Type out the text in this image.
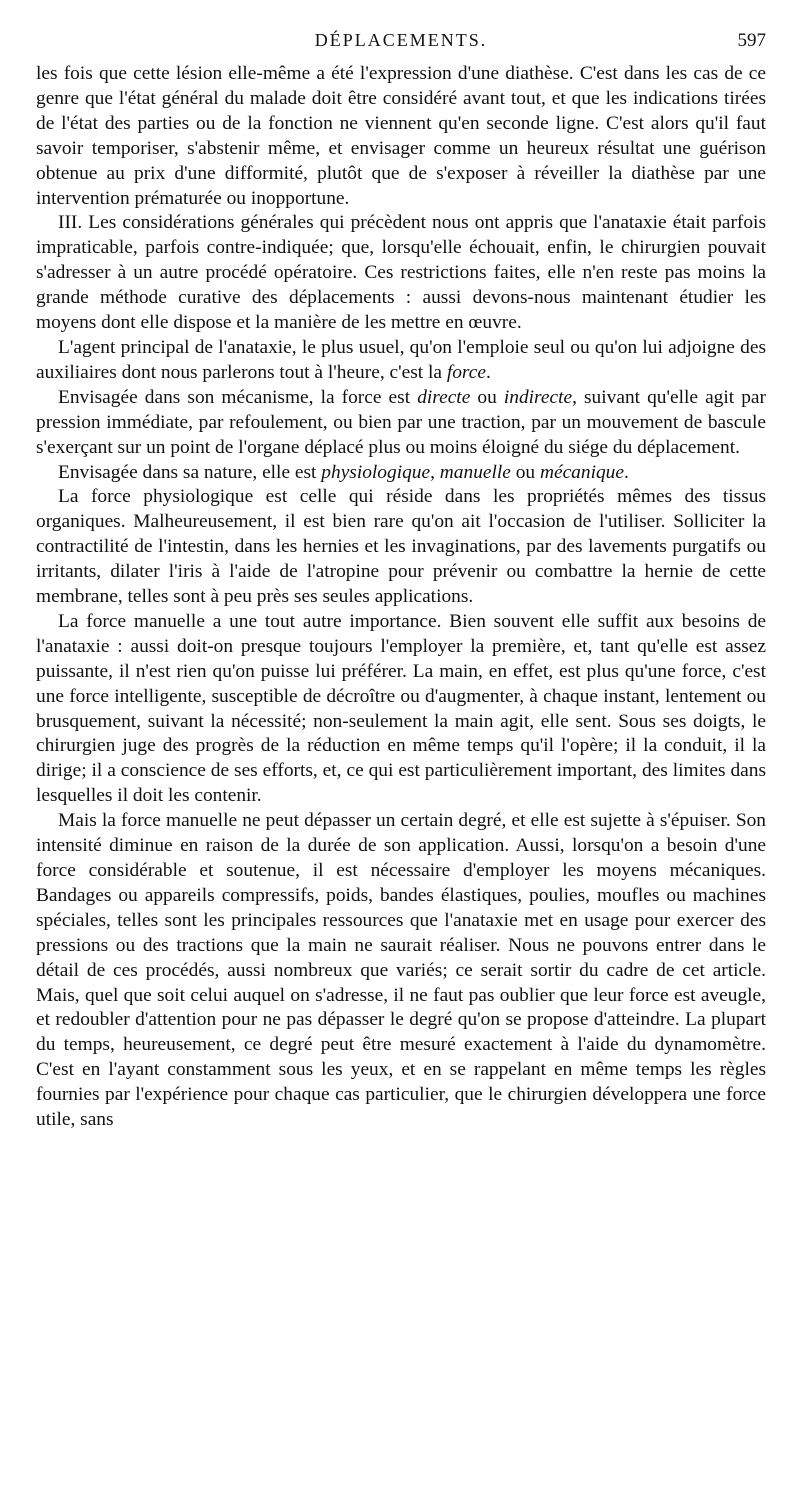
DÉPLACEMENTS.	597

les fois que cette lésion elle-même a été l'expression d'une diathèse. C'est dans les cas de ce genre que l'état général du malade doit être considéré avant tout, et que les indications tirées de l'état des parties ou de la fonction ne viennent qu'en seconde ligne. C'est alors qu'il faut savoir temporiser, s'abstenir même, et envisager comme un heureux résultat une guérison obtenue au prix d'une difformité, plutôt que de s'exposer à réveiller la diathèse par une intervention prématurée ou inopportune.

III. Les considérations générales qui précèdent nous ont appris que l'anataxie était parfois impraticable, parfois contre-indiquée; que, lorsqu'elle échouait, enfin, le chirurgien pouvait s'adresser à un autre procédé opératoire. Ces restrictions faites, elle n'en reste pas moins la grande méthode curative des déplacements : aussi devons-nous maintenant étudier les moyens dont elle dispose et la manière de les mettre en œuvre.

L'agent principal de l'anataxie, le plus usuel, qu'on l'emploie seul ou qu'on lui adjoigne des auxiliaires dont nous parlerons tout à l'heure, c'est la force.

Envisagée dans son mécanisme, la force est directe ou indirecte, suivant qu'elle agit par pression immédiate, par refoulement, ou bien par une traction, par un mouvement de bascule s'exerçant sur un point de l'organe déplacé plus ou moins éloigné du siége du déplacement.

Envisagée dans sa nature, elle est physiologique, manuelle ou mécanique.

La force physiologique est celle qui réside dans les propriétés mêmes des tissus organiques. Malheureusement, il est bien rare qu'on ait l'occasion de l'utiliser. Solliciter la contractilité de l'intestin, dans les hernies et les invaginations, par des lavements purgatifs ou irritants, dilater l'iris à l'aide de l'atropine pour prévenir ou combattre la hernie de cette membrane, telles sont à peu près ses seules applications.

La force manuelle a une tout autre importance. Bien souvent elle suffit aux besoins de l'anataxie : aussi doit-on presque toujours l'employer la première, et, tant qu'elle est assez puissante, il n'est rien qu'on puisse lui préférer. La main, en effet, est plus qu'une force, c'est une force intelligente, susceptible de décroître ou d'augmenter, à chaque instant, lentement ou brusquement, suivant la nécessité; non-seulement la main agit, elle sent. Sous ses doigts, le chirurgien juge des progrès de la réduction en même temps qu'il l'opère; il la conduit, il la dirige; il a conscience de ses efforts, et, ce qui est particulièrement important, des limites dans lesquelles il doit les contenir.

Mais la force manuelle ne peut dépasser un certain degré, et elle est sujette à s'épuiser. Son intensité diminue en raison de la durée de son application. Aussi, lorsqu'on a besoin d'une force considérable et soutenue, il est nécessaire d'employer les moyens mécaniques. Bandages ou appareils compressifs, poids, bandes élastiques, poulies, moufles ou machines spéciales, telles sont les principales ressources que l'anataxie met en usage pour exercer des pressions ou des tractions que la main ne saurait réaliser. Nous ne pouvons entrer dans le détail de ces procédés, aussi nombreux que variés; ce serait sortir du cadre de cet article. Mais, quel que soit celui auquel on s'adresse, il ne faut pas oublier que leur force est aveugle, et redoubler d'attention pour ne pas dépasser le degré qu'on se propose d'atteindre. La plupart du temps, heureusement, ce degré peut être mesuré exactement à l'aide du dynamomètre. C'est en l'ayant constamment sous les yeux, et en se rappelant en même temps les règles fournies par l'expérience pour chaque cas particulier, que le chirurgien développera une force utile, sans
